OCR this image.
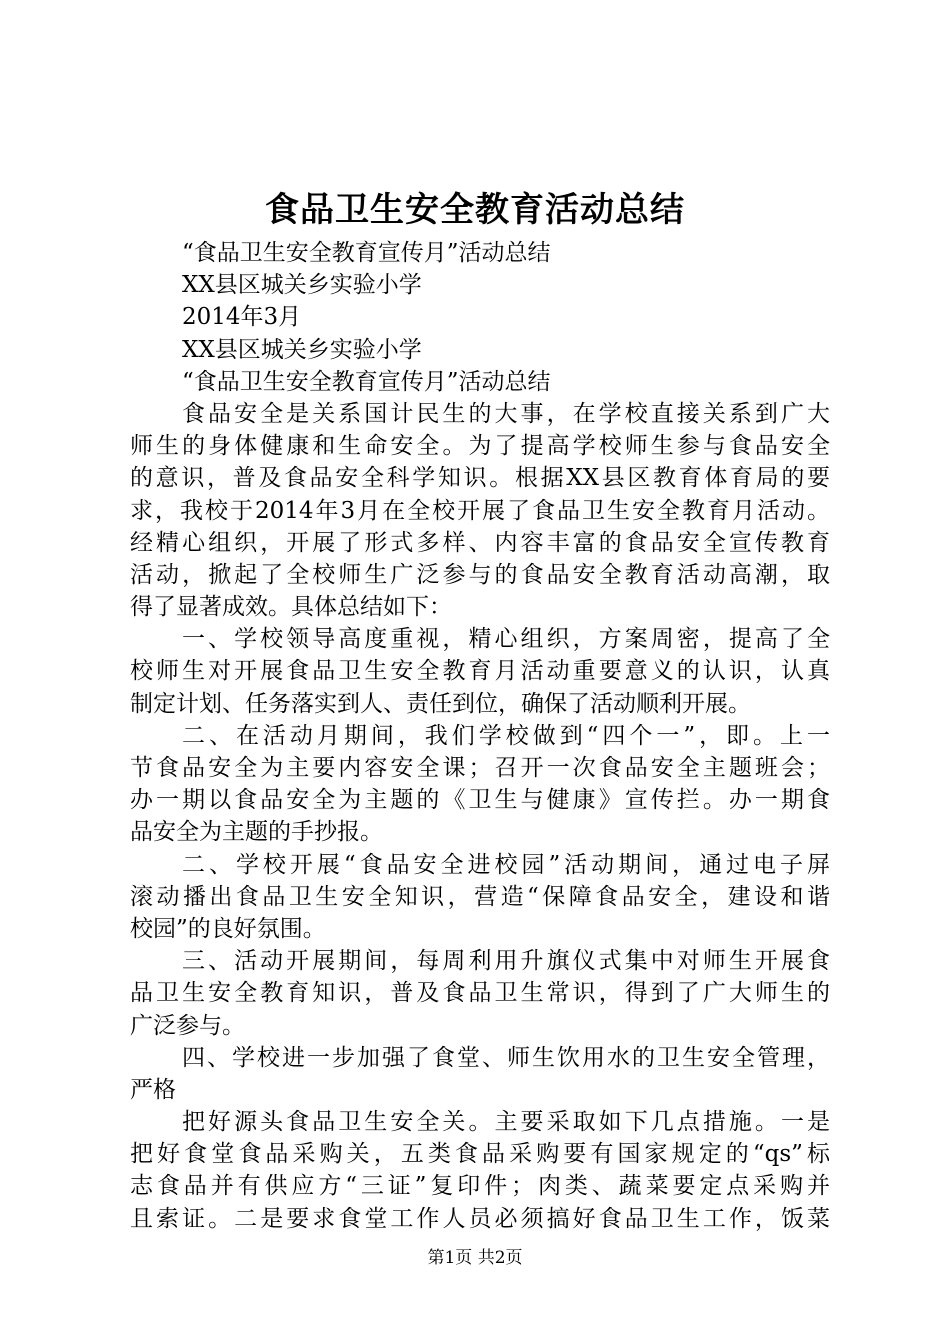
食品卫生安全教育活动总结
“食品卫生安全教育宣传月”活动总结
XX县区城关乡实验小学
2014年3月
XX县区城关乡实验小学
“食品卫生安全教育宣传月”活动总结
食品安全是关系国计民生的大事，在学校直接关系到广大
师生的身体健康和生命安全。为了提高学校师生参与食品安全
的意识，普及食品安全科学知识。根据XX县区教育体育局的要
求，我校于2014年3月在全校开展了食品卫生安全教育月活动。
经精心组织，开展了形式多样、内容丰富的食品安全宣传教育
活动，掀起了全校师生广泛参与的食品安全教育活动高潮，取
得了显著成效。具体总结如下：
一、学校领导高度重视，精心组织，方案周密，提高了全
校师生对开展食品卫生安全教育月活动重要意义的认识，认真
制定计划、任务落实到人、责任到位，确保了活动顺利开展。
二、在活动月期间，我们学校做到“四个一”，即。上一
节食品安全为主要内容安全课；召开一次食品安全主题班会；
办一期以食品安全为主题的《卫生与健康》宣传拦。办一期食
品安全为主题的手抄报。
二、学校开展“食品安全进校园”活动期间，通过电子屏
滚动播出食品卫生安全知识，营造“保障食品安全，建设和谐
校园”的良好氛围。
三、活动开展期间，每周利用升旗仪式集中对师生开展食
品卫生安全教育知识，普及食品卫生常识，得到了广大师生的
广泛参与。
四、学校进一步加强了食堂、师生饮用水的卫生安全管理，
严格
把好源头食品卫生安全关。主要采取如下几点措施。一是
把好食堂食品采购关，五类食品采购要有国家规定的“qs”标
志食品并有供应方“三证”复印件；肉类、蔬菜要定点采购并
且索证。二是要求食堂工作人员必须搞好食品卫生工作，饭菜
第1页 共2页
